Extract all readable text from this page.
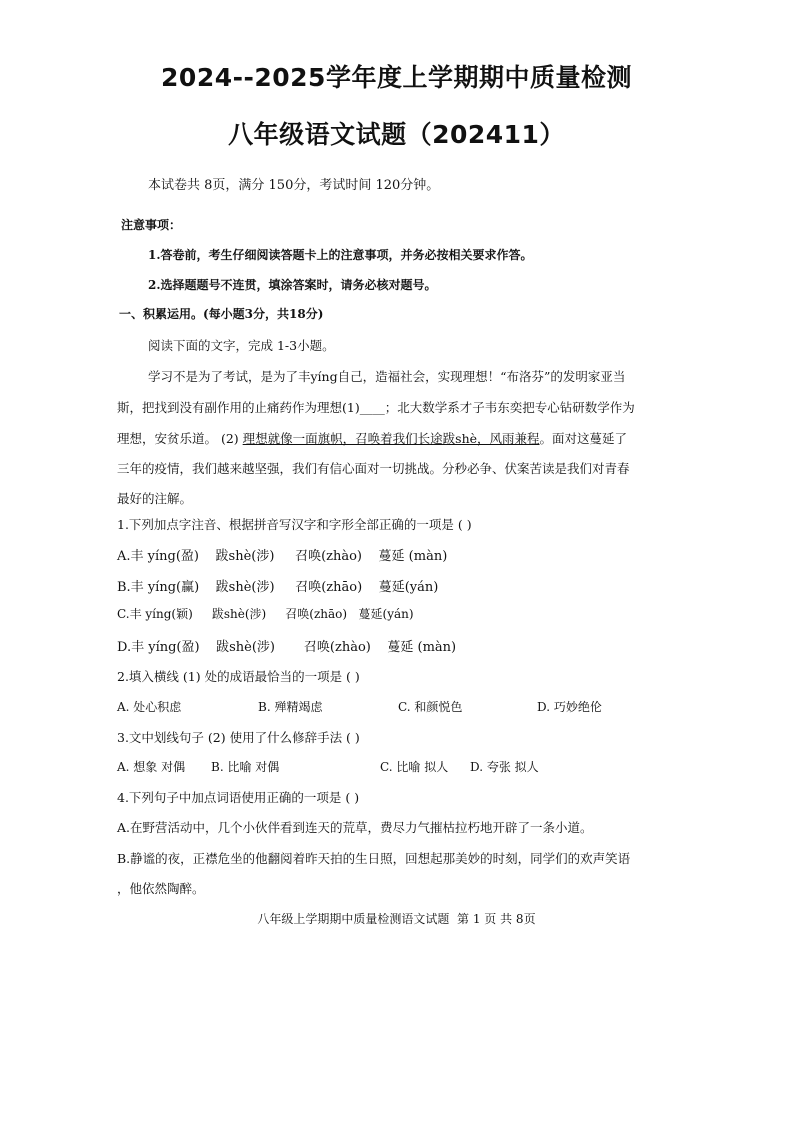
2024--2025学年度上学期期中质量检测
八年级语文试题（202411）
本试卷共 8页，满分 150分，考试时间 120分钟。
注意事项：
1.答卷前，考生仔细阅读答题卡上的注意事项，并务必按相关要求作答。
2.选择题题号不连贯，填涂答案时，请务必核对题号。
一、积累运用。(每小题3分，共18分)
阅读下面的文字，完成 1-3小题。
学习不是为了考试，是为了丰yíng自己，造福社会，实现理想！“布洛芬”的发明家亚当
斯，把找到没有副作用的止痛药作为理想(1)____；北大数学系才子韦东奕把专心钻研数学作为
理想，安贫乐道。 (2) 理想就像一面旗帜，召唤着我们长途跋shè，风雨兼程。面对这蔓延了
三年的疫情，我们越来越坚强，我们有信心面对一切挑战。分秒必争、伏案苦读是我们对青春
最好的注解。
1.下列加点字注音、根据拼音写汉字和字形全部正确的一项是 ( )
A.丰 yíng(盈)    跋shè(涉)     召唤(zhào)    蔓延 (màn)
B.丰 yíng(赢)    跋shè(涉)     召唤(zhāo)    蔓延(yán)
C.丰 yíng(颖)     跋shè(涉)     召唤(zhāo)   蔓延(yán)
D.丰 yíng(盈)    跋shè(涉)       召唤(zhào)    蔓延 (màn)
2.填入横线 (1) 处的成语最恰当的一项是 ( )
A. 处心积虑	B. 殚精竭虑	C. 和颜悦色	D. 巧妙绝伦
3.文中划线句子 (2) 使用了什么修辞手法 ( )
A. 想象 对偶 B. 比喻 对偶	C. 比喻 拟人 D. 夸张 拟人
4.下列句子中加点词语使用正确的一项是 ( )
A.在野营活动中，几个小伙伴看到连天的荒草，费尽力气摧枯拉朽地开辟了一条小道。
B.静谧的夜，正襟危坐的他翻阅着昨天拍的生日照，回想起那美妙的时刻，同学们的欢声笑语
，他依然陶醉。
八年级上学期期中质量检测语文试题  第 1 页 共 8页
